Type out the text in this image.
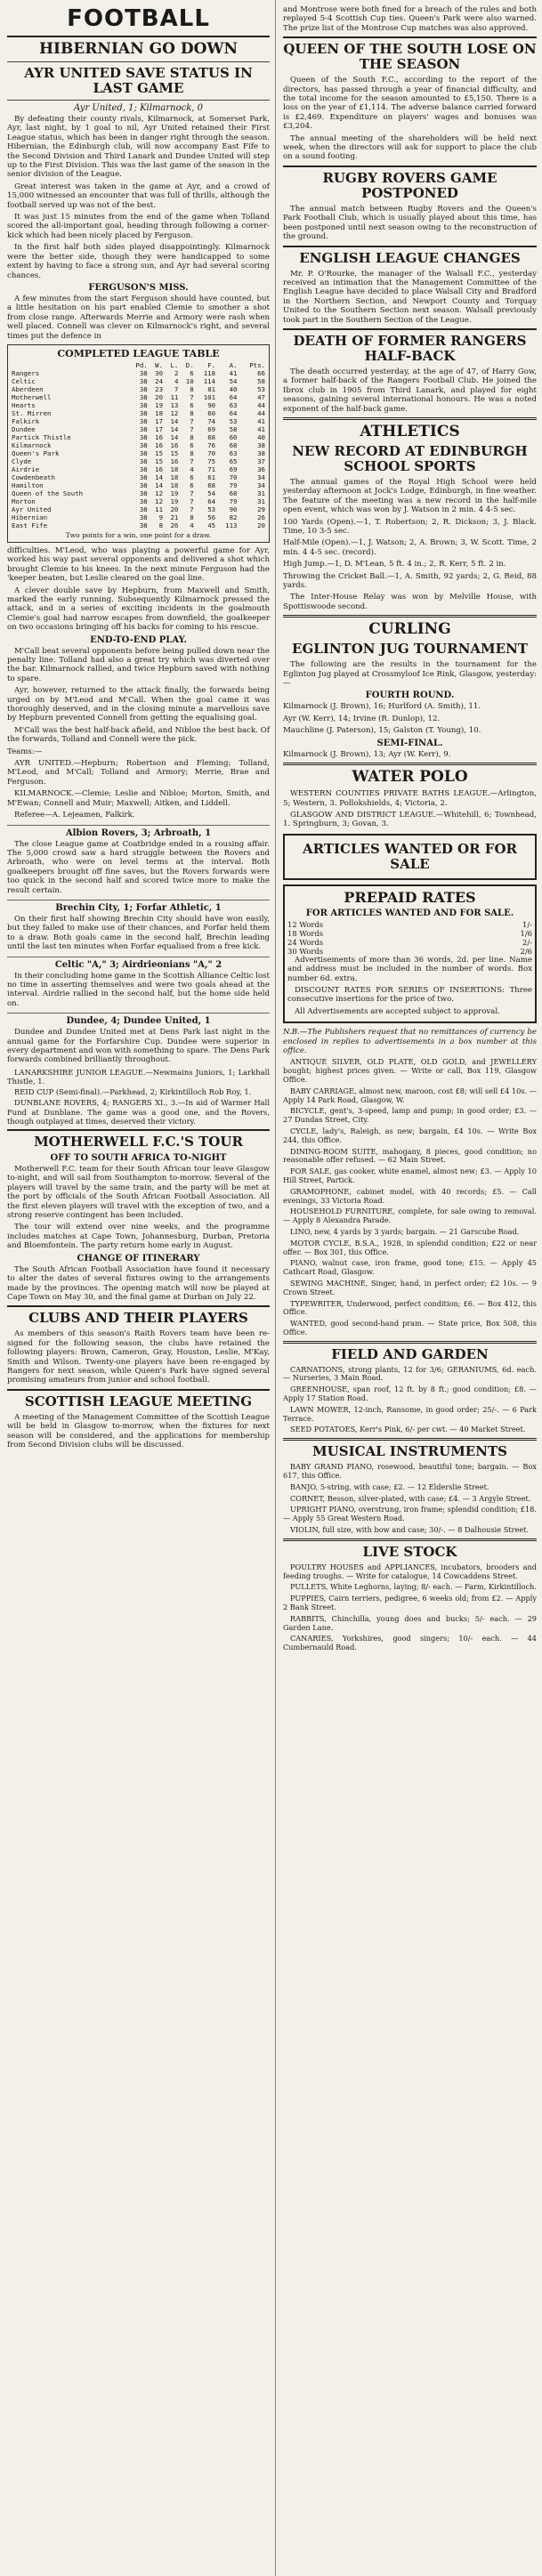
FOOTBALL
HIBERNIAN GO DOWN
AYR UNITED SAVE STATUS IN LAST GAME
Ayr United, 1; Kilmarnock, 0

By defeating their county rivals, Kilmarnock, at Somerset Park, Ayr, last night, by 1 goal to nil, Ayr United retained their First League status, which has been in danger right through the season. Hibernian, the Edinburgh club, will now accompany East Fife to the Second Division and Third Lanark and Dundee United will step up to the First Division. This was the last game of the season in the senior division of the League.

Great interest was taken in the game at Ayr, and a crowd of 15,000 witnessed an encounter that was full of thrills, although the football served up was not of the best.

It was just 15 minutes from the end of the game when Tolland scored the all-important goal, heading through following a corner-kick which had been nicely placed by Ferguson.

In the first half both sides played disappointingly. Kilmarnock were the better side, though they were handicapped to some extent by having to face a strong sun, and Ayr had several scoring chances.

FERGUSON'S MISS.

A few minutes from the start Ferguson should have counted, but a little hesitation on his part enabled Clemie to smother a shot from close range. Afterwards Merrie and Armory were rash when well placed. Connell was clever on Kilmarnock's right, and several times put the defence in

COMPLETED LEAGUE TABLE
	Pd.	W.	L.	D.	F.	A.	Pts.
Rangers	38	30	2	6	118	41	66
Celtic	38	24	4	10	114	54	58
Aberdeen	38	23	7	8	81	40	53
Motherwell	38	20	11	7	101	64	47
Hearts	38	19	13	6	90	63	44
St. Mirren	38	18	12	8	60	64	44
Falkirk	38	17	14	7	74	53	41
Dundee	38	17	14	7	69	58	41
Partick Thistle	38	16	14	8	68	60	40
Kilmarnock	38	16	16	6	76	68	38
Queen's Park	38	15	15	8	70	63	38
Clyde	38	15	16	7	75	65	37
Airdrie	38	16	18	4	71	69	36
Cowdenbeath	38	14	18	6	61	70	34
Hamilton	38	14	18	6	68	79	34
Queen of the South	38	12	19	7	54	68	31
Morton	38	12	19	7	64	79	31
Ayr United	38	11	20	7	53	90	29
Hibernian	38	9	21	8	56	82	26
East Fife	38	8	26	4	45	113	20
Two points for a win, one point for a draw.

difficulties. M'Leod, who was playing a powerful game for Ayr, worked his way past several opponents and delivered a shot which brought Clemie to his knees. In the next minute Ferguson had the 'keeper beaten, but Leslie cleared on the goal line.

A clever double save by Hepburn, from Maxwell and Smith, marked the early running. Subsequently Kilmarnock pressed the attack, and in a series of exciting incidents in the goalmouth Clemie's goal had narrow escapes from downfield, the goalkeeper on two occasions bringing off his backs for coming to his rescue.

END-TO-END PLAY.

M'Call beat several opponents before being pulled down near the penalty line. Tolland had also a great try which was diverted over the bar. Kilmarnock rallied, and twice Hepburn saved with nothing to spare.

Ayr, however, returned to the attack finally, the forwards being urged on by M'Leod and M'Call. When the goal came it was thoroughly deserved, and in the closing minute a marvellous save by Hepburn prevented Connell from getting the equalising goal.

M'Call was the best half-back afield, and Nibloe the best back. Of the forwards, Tolland and Connell were the pick.

Teams:—

AYR UNITED.—Hepburn; Robertson and Fleming; Tolland, M'Leod, and M'Call; Tolland and Armory; Merrie, Brae and Ferguson.

KILMARNOCK.—Clemie; Leslie and Nibloe; Morton, Smith, and M'Ewan; Connell and Muir; Maxwell; Aitken, and Liddell.

Referee—A. Lejeamen, Falkirk.

Albion Rovers, 3; Arbroath, 1

The close League game at Coatbridge ended in a rousing affair. The 5,000 crowd saw a hard struggle between the Rovers and Arbroath, who were on level terms at the interval. Both goalkeepers brought off fine saves, but the Rovers forwards were too quick in the second half and scored twice more to make the result certain.

Brechin City, 1; Forfar Athletic, 1

On their first half showing Brechin City should have won easily, but they failed to make use of their chances, and Forfar held them to a draw. Both goals came in the second half, Brechin leading until the last ten minutes when Forfar equalised from a free kick.

Celtic "A," 3; Airdrieonians "A," 2

In their concluding home game in the Scottish Alliance Celtic lost no time in asserting themselves and were two goals ahead at the interval. Airdrie rallied in the second half, but the home side held on.

Dundee, 4; Dundee United, 1

Dundee and Dundee United met at Dens Park last night in the annual game for the Forfarshire Cup. Dundee were superior in every department and won with something to spare. The Dens Park forwards combined brilliantly throughout.

LANARKSHIRE JUNIOR LEAGUE.—Newmains Juniors, 1; Larkhall Thistle, 1.

REID CUP (Semi-final).—Parkhead, 2; Kirkintilloch Rob Roy, 1.

DUNBLANE ROVERS, 4; RANGERS XI., 3.—In aid of Warmer Hall Fund at Dunblane. The game was a good one, and the Rovers, though outplayed at times, deserved their victory.

MOTHERWELL F.C.'S TOUR
OFF TO SOUTH AFRICA TO-NIGHT

Motherwell F.C. team for their South African tour leave Glasgow to-night, and will sail from Southampton to-morrow. Several of the players will travel by the same train, and the party will be met at the port by officials of the South African Football Association. All the first eleven players will travel with the exception of two, and a strong reserve contingent has been included.

The tour will extend over nine weeks, and the programme includes matches at Cape Town, Johannesburg, Durban, Pretoria and Bloemfontein. The party return home early in August.

CHANGE OF ITINERARY

The South African Football Association have found it necessary to alter the dates of several fixtures owing to the arrangements made by the provinces. The opening match will now be played at Cape Town on May 30, and the final game at Durban on July 22.

CLUBS AND THEIR PLAYERS

As members of this season's Raith Rovers team have been re-signed for the following season, the clubs have retained the following players: Brown, Cameron, Gray, Houston, Leslie, M'Kay, Smith and Wilson. Twenty-one players have been re-engaged by Rangers for next season, while Queen's Park have signed several promising amateurs from junior and school football.

SCOTTISH LEAGUE MEETING

A meeting of the Management Committee of the Scottish League will be held in Glasgow to-morrow, when the fixtures for next season will be considered, and the applications for membership from Second Division clubs will be discussed.

and Montrose were both fined for a breach of the rules and both replayed 5-4 Scottish Cup ties. Queen's Park were also warned. The prize list of the Montrose Cup matches was also approved.

QUEEN OF THE SOUTH LOSE ON THE SEASON

Queen of the South F.C., according to the report of the directors, has passed through a year of financial difficulty, and the total income for the season amounted to £5,150. There is a loss on the year of £1,114. The adverse balance carried forward is £2,469. Expenditure on players' wages and bonuses was £3,204.

The annual meeting of the shareholders will be held next week, when the directors will ask for support to place the club on a sound footing.

RUGBY ROVERS GAME POSTPONED

The annual match between Rugby Rovers and the Queen's Park Football Club, which is usually played about this time, has been postponed until next season owing to the reconstruction of the ground.

ENGLISH LEAGUE CHANGES

Mr. P. O'Rourke, the manager of the Walsall F.C., yesterday received an intimation that the Management Committee of the English League have decided to place Walsall City and Bradford in the Northern Section, and Newport County and Torquay United to the Southern Section next season. Walsall previously took part in the Southern Section of the League.

DEATH OF FORMER RANGERS HALF-BACK

The death occurred yesterday, at the age of 47, of Harry Gow, a former half-back of the Rangers Football Club. He joined the Ibrox club in 1905 from Third Lanark, and played for eight seasons, gaining several international honours. He was a noted exponent of the half-back game.

ATHLETICS
NEW RECORD AT EDINBURGH SCHOOL SPORTS

The annual games of the Royal High School were held yesterday afternoon at Jock's Lodge, Edinburgh, in fine weather. The feature of the meeting was a new record in the half-mile open event, which was won by J. Watson in 2 min. 4 4-5 sec.

100 Yards (Open).—1, T. Robertson; 2, R. Dickson; 3, J. Black. Time, 10 3-5 sec.

Half-Mile (Open).—1, J. Watson; 2, A. Brown; 3, W. Scott. Time, 2 min. 4 4-5 sec. (record).

High Jump.—1, D. M'Lean, 5 ft. 4 in.; 2, R. Kerr, 5 ft. 2 in.

Throwing the Cricket Ball.—1, A. Smith, 92 yards; 2, G. Reid, 88 yards.

The Inter-House Relay was won by Melville House, with Spottiswoode second.

CURLING
EGLINTON JUG TOURNAMENT

The following are the results in the tournament for the Eglinton Jug played at Crossmyloof Ice Rink, Glasgow, yesterday:—

FOURTH ROUND.

Kilmarnock (J. Brown), 16; Hurlford (A. Smith), 11.

Ayr (W. Kerr), 14; Irvine (R. Dunlop), 12.

Mauchline (J. Paterson), 15; Galston (T. Young), 10.

SEMI-FINAL.

Kilmarnock (J. Brown), 13; Ayr (W. Kerr), 9.

WATER POLO

WESTERN COUNTIES PRIVATE BATHS LEAGUE.—Arlington, 5; Western, 3. Pollokshields, 4; Victoria, 2.

GLASGOW AND DISTRICT LEAGUE.—Whitehill, 6; Townhead, 1. Springburn, 3; Govan, 3.

ARTICLES WANTED OR FOR SALE
PREPAID RATES
FOR ARTICLES WANTED AND FOR SALE.
12 Words	1/-
18 Words	1/6
24 Words	2/-
30 Words	2/6

Advertisements of more than 36 words, 2d. per line. Name and address must be included in the number of words. Box number 6d. extra.

DISCOUNT RATES FOR SERIES OF INSERTIONS: Three consecutive insertions for the price of two.

All Advertisements are accepted subject to approval.

N.B.—The Publishers request that no remittances of currency be enclosed in replies to advertisements in a box number at this office.

ANTIQUE SILVER, OLD PLATE, OLD GOLD, and JEWELLERY bought; highest prices given. — Write or call, Box 119, Glasgow Office.

BABY CARRIAGE, almost new, maroon, cost £8; will sell £4 10s. — Apply 14 Park Road, Glasgow, W.

BICYCLE, gent's, 3-speed, lamp and pump; in good order; £3. — 27 Dundas Street, City.

CYCLE, lady's, Raleigh, as new; bargain, £4 10s. — Write Box 244, this Office.

DINING-ROOM SUITE, mahogany, 8 pieces, good condition; no reasonable offer refused. — 62 Main Street.

FOR SALE, gas cooker, white enamel, almost new; £3. — Apply 10 Hill Street, Partick.

GRAMOPHONE, cabinet model, with 40 records; £5. — Call evenings, 33 Victoria Road.

HOUSEHOLD FURNITURE, complete, for sale owing to removal. — Apply 8 Alexandra Parade.

LINO, new, 4 yards by 3 yards; bargain. — 21 Garscube Road.

MOTOR CYCLE, B.S.A., 1928, in splendid condition; £22 or near offer. — Box 301, this Office.

PIANO, walnut case, iron frame, good tone; £15. — Apply 45 Cathcart Road, Glasgow.

SEWING MACHINE, Singer, hand, in perfect order; £2 10s. — 9 Crown Street.

TYPEWRITER, Underwood, perfect condition; £6. — Box 412, this Office.

WANTED, good second-hand pram. — State price, Box 508, this Office.

FIELD AND GARDEN

CARNATIONS, strong plants, 12 for 3/6; GERANIUMS, 6d. each. — Nurseries, 3 Main Road.

GREENHOUSE, span roof, 12 ft. by 8 ft.; good condition; £8. — Apply 17 Station Road.

LAWN MOWER, 12-inch, Ransome, in good order; 25/-. — 6 Park Terrace.

SEED POTATOES, Kerr's Pink, 6/- per cwt. — 40 Market Street.

MUSICAL INSTRUMENTS

BABY GRAND PIANO, rosewood, beautiful tone; bargain. — Box 617, this Office.

BANJO, 5-string, with case; £2. — 12 Elderslie Street.

CORNET, Besson, silver-plated, with case; £4. — 3 Argyle Street.

UPRIGHT PIANO, overstrung, iron frame; splendid condition; £18. — Apply 55 Great Western Road.

VIOLIN, full size, with bow and case; 30/-. — 8 Dalhousie Street.

LIVE STOCK

POULTRY HOUSES and APPLIANCES, incubators, brooders and feeding troughs. — Write for catalogue, 14 Cowcaddens Street.

PULLETS, White Leghorns, laying; 8/- each. — Farm, Kirkintilloch.

PUPPIES, Cairn terriers, pedigree, 6 weeks old; from £2. — Apply 2 Bank Street.

RABBITS, Chinchilla, young does and bucks; 5/- each. — 29 Garden Lane.

CANARIES, Yorkshires, good singers; 10/- each. — 44 Cumbernauld Road.
